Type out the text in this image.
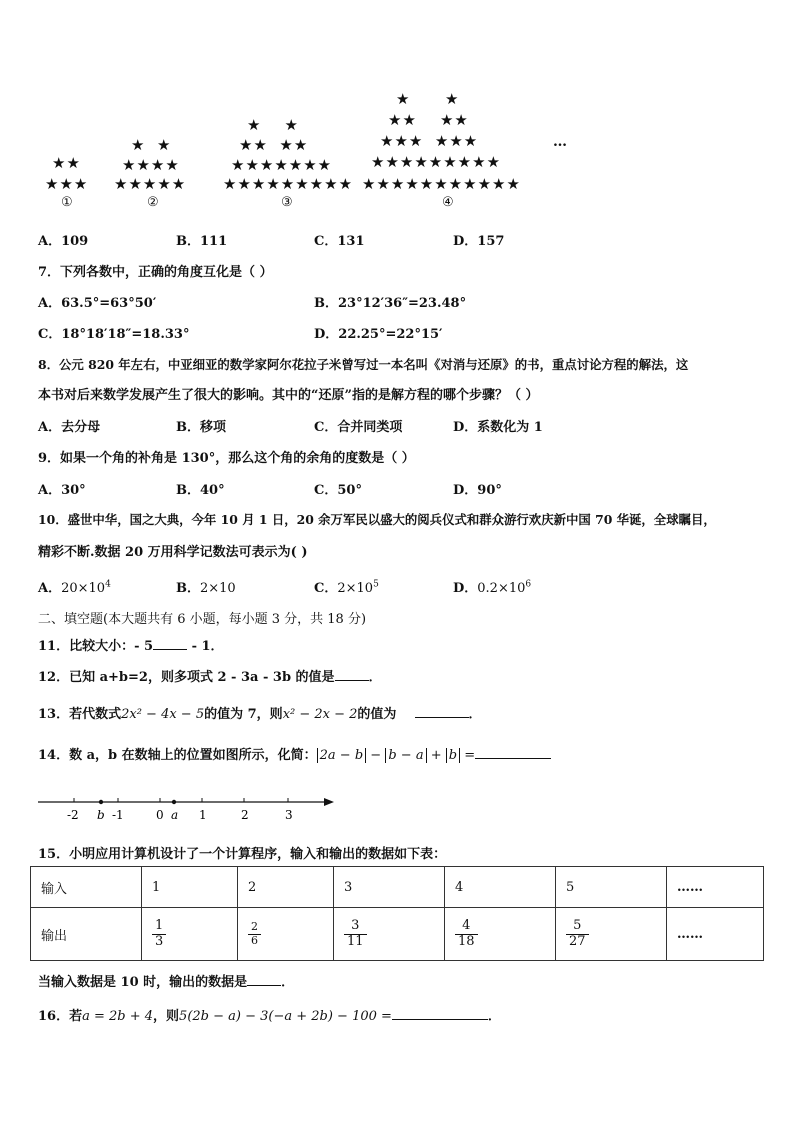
★★
★★★
①
★  ★
★★★★
★★★★★
②
★    ★
★★  ★★
★★★★★★★
★★★★★★★★★
③
★      ★
★★    ★★
★★★  ★★★
★★★★★★★★★
★★★★★★★★★★★
④
…
A．109	B．111	C．131	D．157
7．下列各数中，正确的角度互化是（ ）
A．63.5°=63°50′	B．23°12′36″=23.48°
C．18°18′18″=18.33°	D．22.25°=22°15′
8．公元 820 年左右，中亚细亚的数学家阿尔花拉子米曾写过一本名叫《对消与还原》的书，重点讨论方程的解法，这
本书对后来数学发展产生了很大的影响。其中的“还原”指的是解方程的哪个步骤？（ ）
A．去分母	B．移项	C．合并同类项	D．系数化为 1
9．如果一个角的补角是 130°，那么这个角的余角的度数是（ ）
A．30°	B．40°	C．50°	D．90°
10．盛世中华，国之大典，今年 10 月 1 日，20 余万军民以盛大的阅兵仪式和群众游行欢庆新中国 70 华诞，全球瞩目，
精彩不断.数据 20 万用科学记数法可表示为( )
A．$20\times 10^4$	B．2×10	C．$2\times 10^5$	D．$0.2\times 10^6$
二、填空题(本大题共有 6 小题，每小题 3 分，共 18 分)
11．比较大小：- 5	- 1．
12．已知 a+b=2，则多项式 2 - 3a - 3b 的值是	．
13．若代数式2x² − 4x − 5的值为 7，则x² − 2x − 2的值为	．
14．数 a，b 在数轴上的位置如图所示，化简： 2a − b − b − a + b =
-2 b -1	0 a 1	2	3
15．小明应用计算机设计了一个计算程序，输入和输出的数据如下表：
输入	1	2	3	4	5	……
输出	$\frac{1}{3}$	$\frac{2}{6}$	$\frac{3}{11}$	$\frac{4}{18}$	$\frac{5}{27}$	……
当输入数据是 10 时，输出的数据是	．
16．若a = 2b + 4，则5(2b − a) − 3(−a + 2b) − 100 =	．
